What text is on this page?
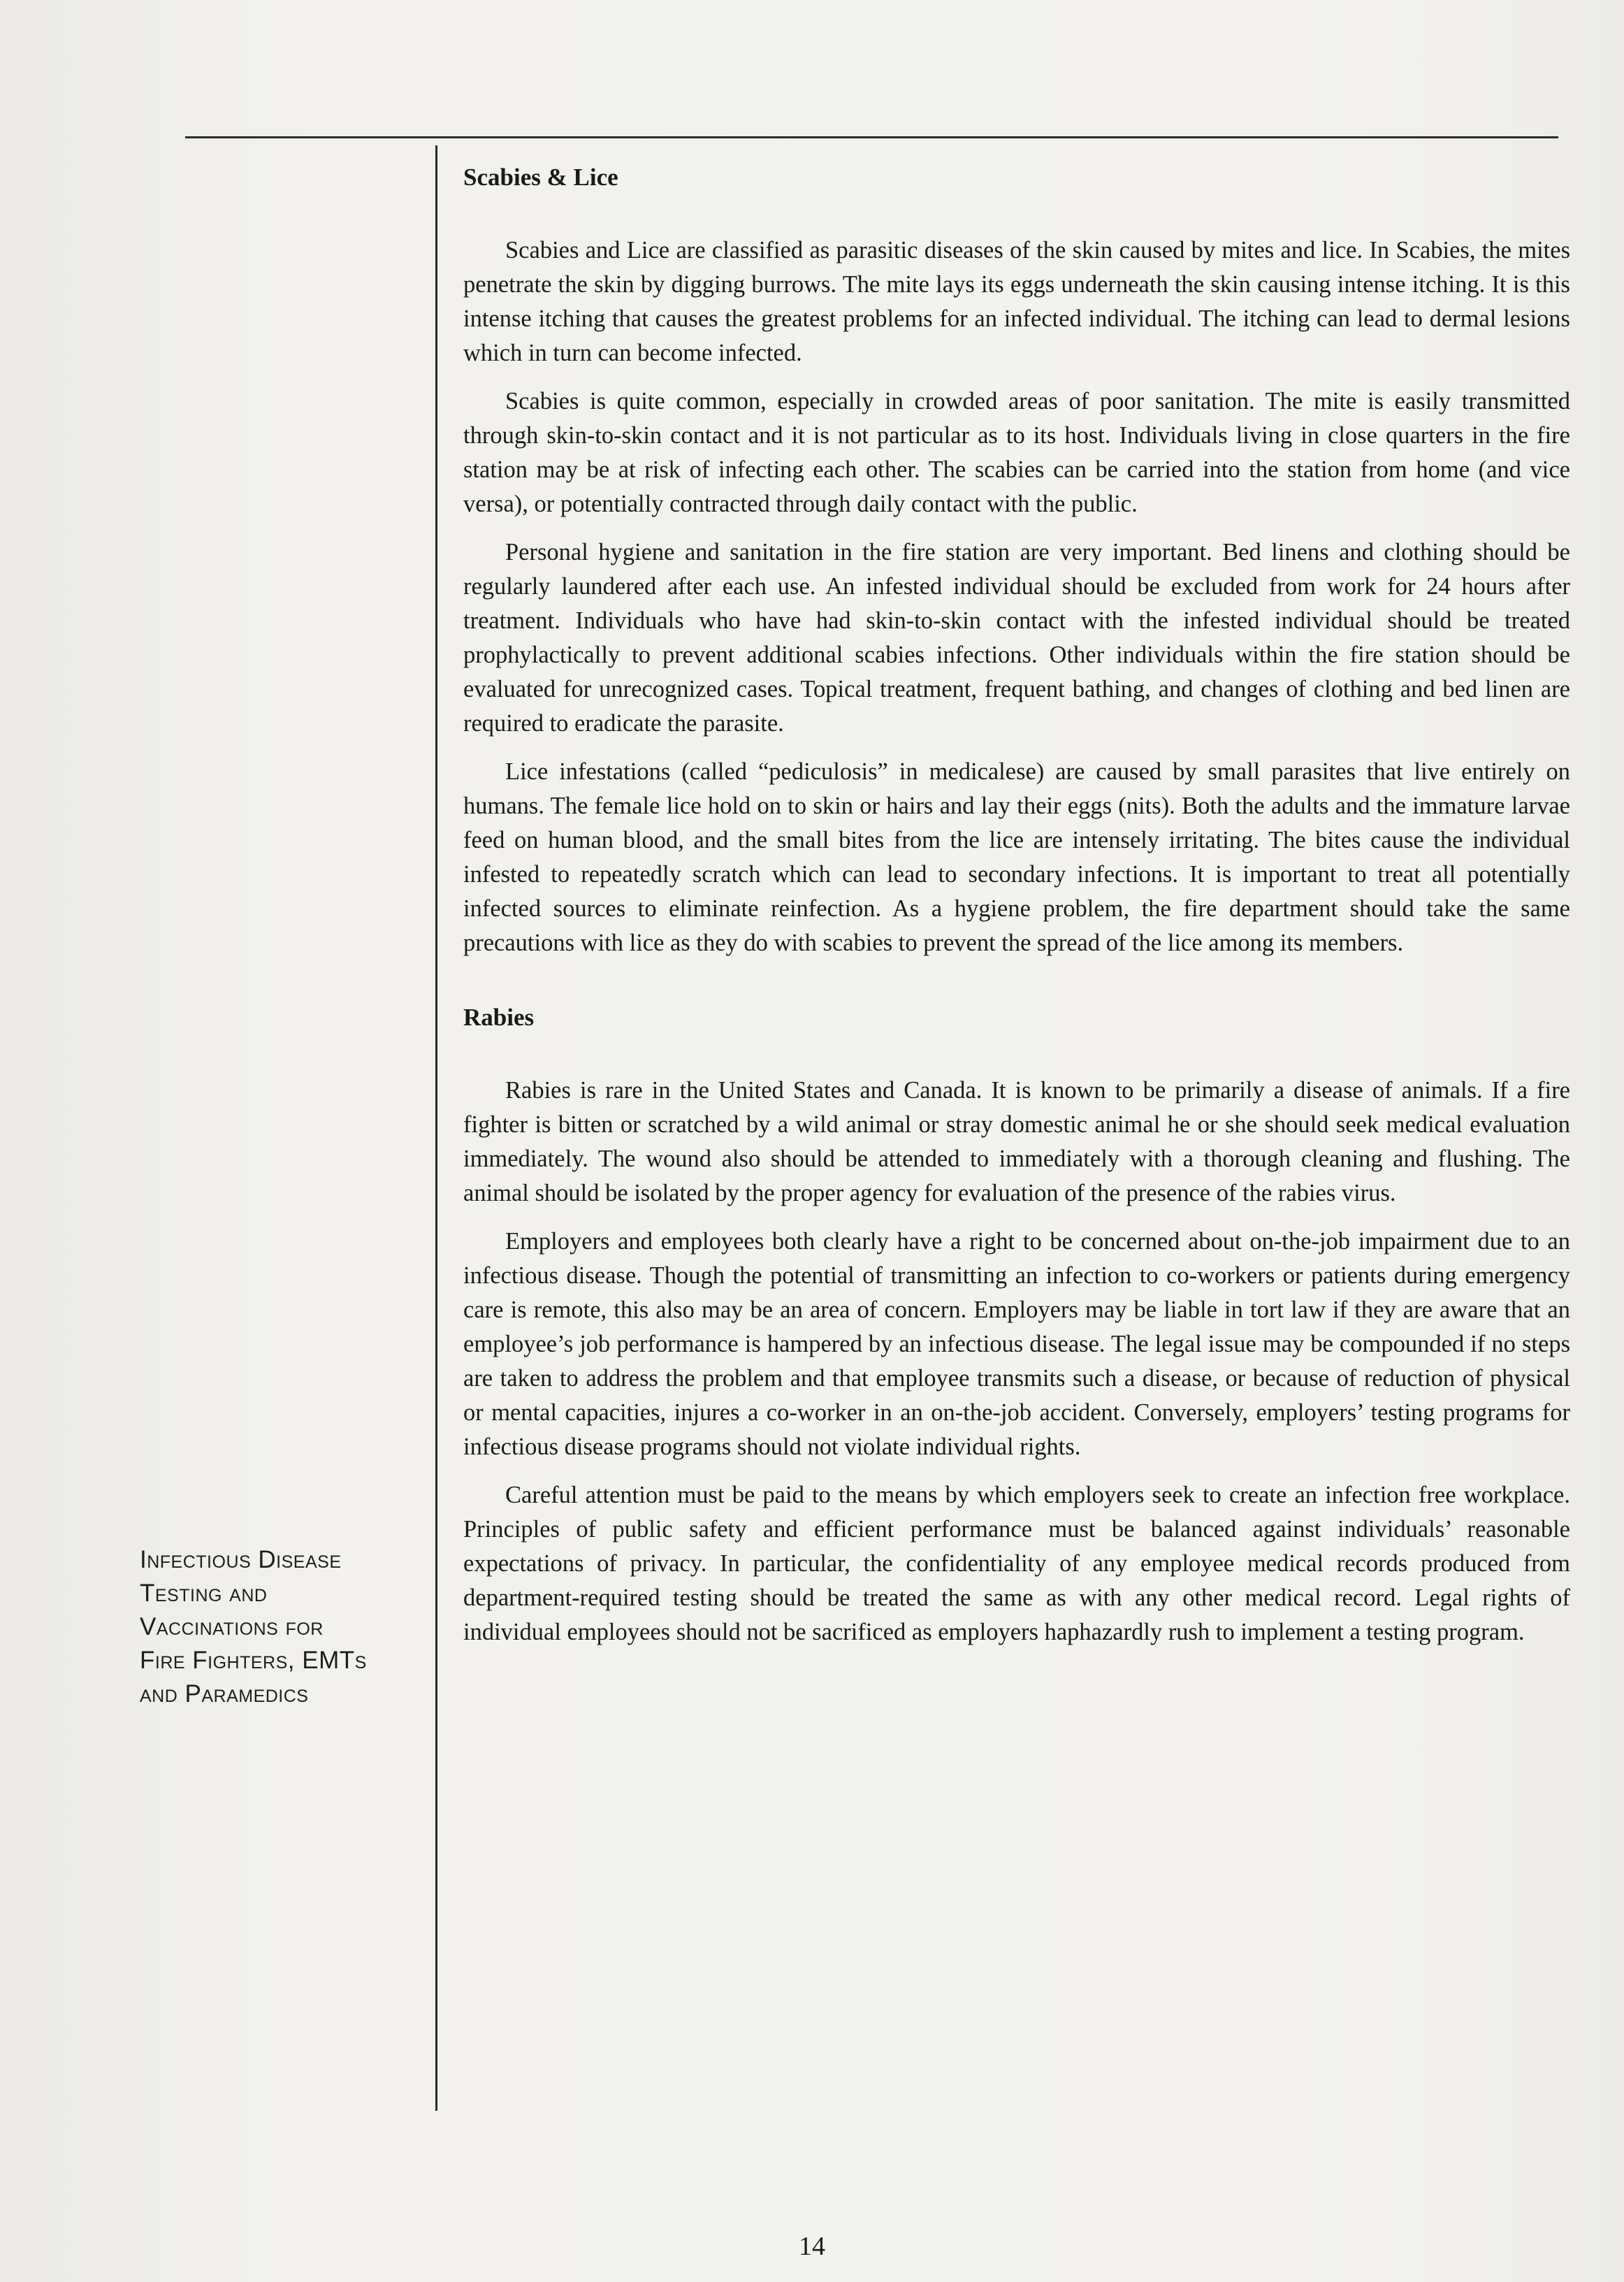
Infectious Disease
Testing and
Vaccinations for
Fire Fighters, EMTs
and Paramedics
Scabies & Lice

Scabies and Lice are classified as parasitic diseases of the skin caused by mites and lice. In Scabies, the mites penetrate the skin by digging burrows. The mite lays its eggs underneath the skin causing intense itching. It is this intense itching that causes the greatest problems for an infected individual. The itching can lead to dermal lesions which in turn can become infected.

Scabies is quite common, especially in crowded areas of poor sanitation. The mite is easily transmitted through skin-to-skin contact and it is not particular as to its host. Individuals living in close quarters in the fire station may be at risk of infecting each other. The scabies can be carried into the station from home (and vice versa), or potentially contracted through daily contact with the public.

Personal hygiene and sanitation in the fire station are very important. Bed linens and clothing should be regularly laundered after each use. An infested individual should be excluded from work for 24 hours after treatment. Individuals who have had skin-to-skin contact with the infested individual should be treated prophylactically to prevent additional scabies infections. Other individuals within the fire station should be evaluated for unrecognized cases. Topical treatment, frequent bathing, and changes of clothing and bed linen are required to eradicate the parasite.

Lice infestations (called “pediculosis” in medicalese) are caused by small parasites that live entirely on humans. The female lice hold on to skin or hairs and lay their eggs (nits). Both the adults and the immature larvae feed on human blood, and the small bites from the lice are intensely irritating. The bites cause the individual infested to repeatedly scratch which can lead to secondary infections. It is important to treat all potentially infected sources to eliminate reinfection. As a hygiene problem, the fire department should take the same precautions with lice as they do with scabies to prevent the spread of the lice among its members.

Rabies

Rabies is rare in the United States and Canada. It is known to be primarily a disease of animals. If a fire fighter is bitten or scratched by a wild animal or stray domestic animal he or she should seek medical evaluation immediately. The wound also should be attended to immediately with a thorough cleaning and flushing. The animal should be isolated by the proper agency for evaluation of the presence of the rabies virus.

Employers and employees both clearly have a right to be concerned about on-the-job impairment due to an infectious disease. Though the potential of transmitting an infection to co-workers or patients during emergency care is remote, this also may be an area of concern. Employers may be liable in tort law if they are aware that an employee’s job performance is hampered by an infectious disease. The legal issue may be compounded if no steps are taken to address the problem and that employee transmits such a disease, or because of reduction of physical or mental capacities, injures a co-worker in an on-the-job accident. Conversely, employers’ testing programs for infectious disease programs should not violate individual rights.

Careful attention must be paid to the means by which employers seek to create an infection free workplace. Principles of public safety and efficient performance must be balanced against individuals’ reasonable expectations of privacy. In particular, the confidentiality of any employee medical records produced from department-required testing should be treated the same as with any other medical record. Legal rights of individual employees should not be sacrificed as employers haphazardly rush to implement a testing program.

14
